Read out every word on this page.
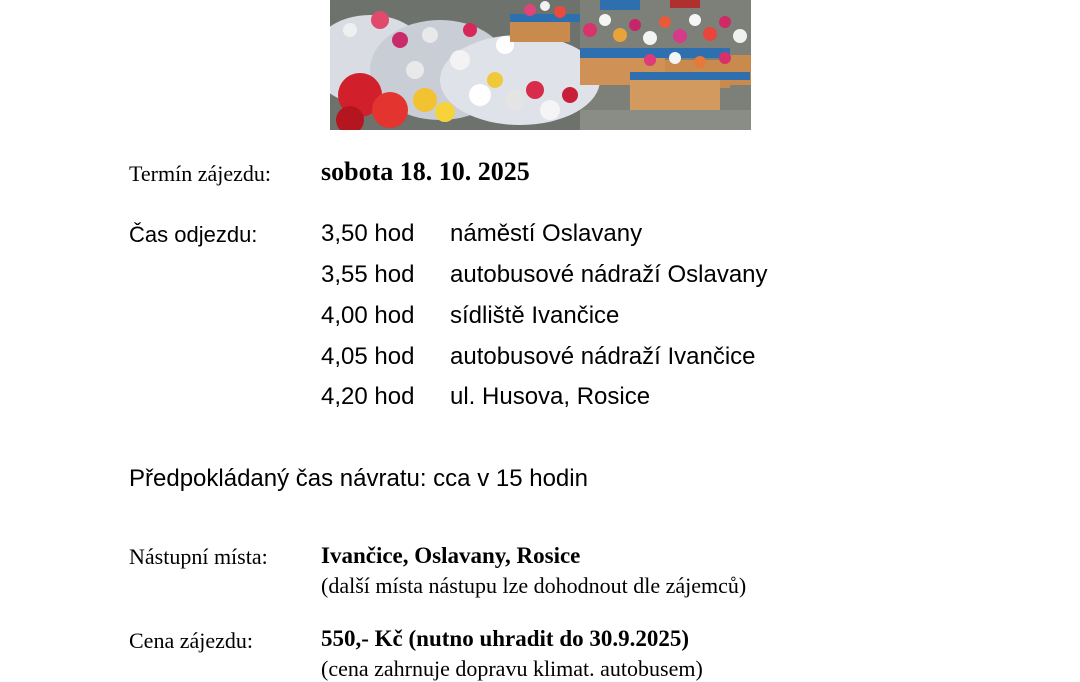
Termín zájezdu: sobota 18. 10. 2025
Čas odjezdu:	3,50 hod náměstí Oslavany
3,55 hod autobusové nádraží Oslavany
4,00 hod sídliště Ivančice
4,05 hod autobusové nádraží Ivančice
4,20 hod ul. Husova, Rosice
Předpokládaný čas návratu: cca v 15 hodin
Nástupní místa: Ivančice, Oslavany, Rosice
(další místa nástupu lze dohodnout dle zájemců)
Cena zájezdu:	550,- Kč (nutno uhradit do 30.9.2025)
(cena zahrnuje dopravu klimat. autobusem)
